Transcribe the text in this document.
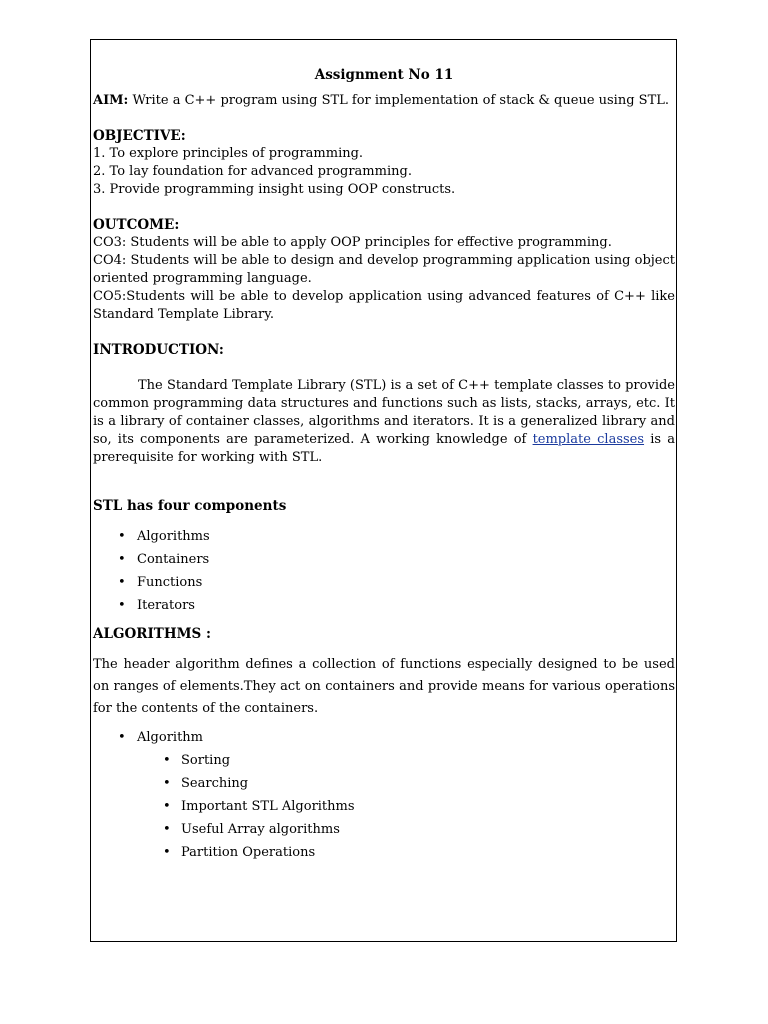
Assignment No 11

AIM: Write a C++ program using STL for implementation of stack & queue using STL.

OBJECTIVE:
1. To explore principles of programming.
2. To lay foundation for advanced programming.
3. Provide programming insight using OOP constructs.
OUTCOME:

CO3: Students will be able to apply OOP principles for effective programming.

CO4: Students will be able to design and develop programming application using object oriented programming language.

CO5:Students will be able to develop application using advanced features of C++ like Standard Template Library.

INTRODUCTION:

The Standard Template Library (STL) is a set of C++ template classes to provide common programming data structures and functions such as lists, stacks, arrays, etc. It is a library of container classes, algorithms and iterators. It is a generalized library and so, its components are parameterized. A working knowledge of template classes is a prerequisite for working with STL.

STL has four components
• Algorithms
• Containers
• Functions
• Iterators
ALGORITHMS :

The header algorithm defines a collection of functions especially designed to be used on ranges of elements.They act on containers and provide means for various operations for the contents of the containers.

• Algorithm
• Sorting
• Searching
• Important STL Algorithms
• Useful Array algorithms
• Partition Operations
